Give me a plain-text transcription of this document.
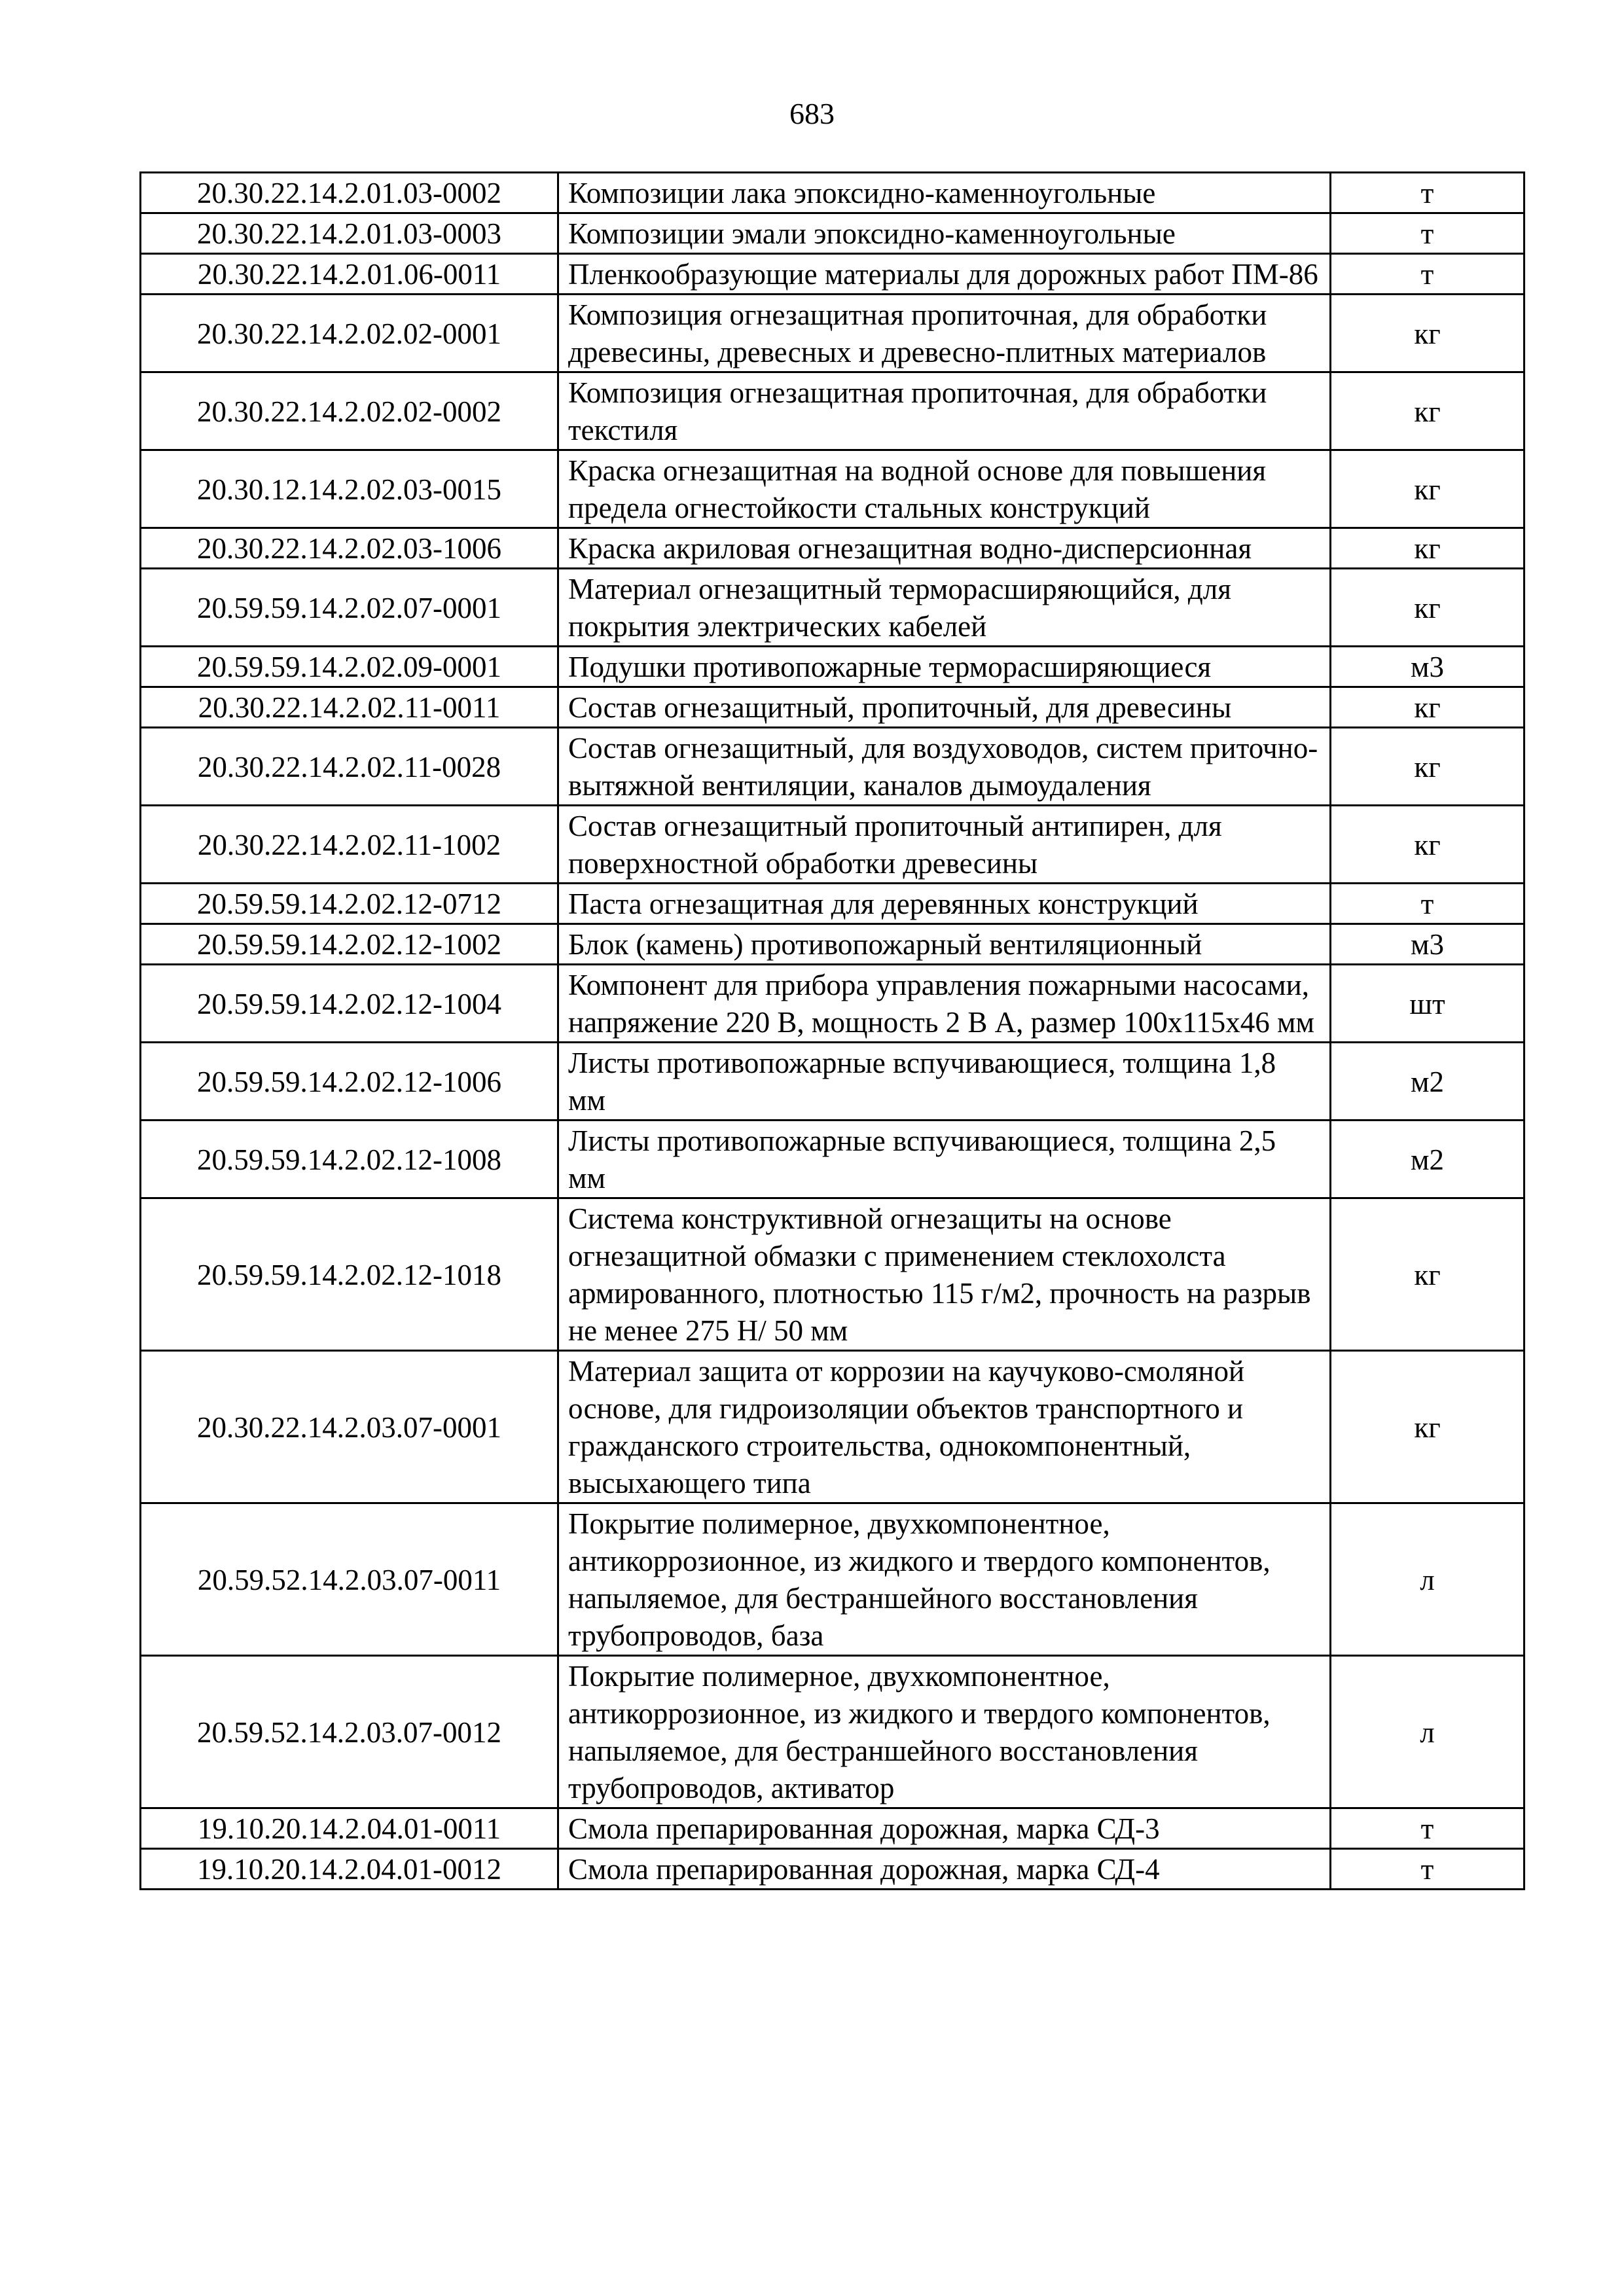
683
20.30.22.14.2.01.03-0002	Композиции лака эпоксидно-каменноугольные	т
20.30.22.14.2.01.03-0003	Композиции эмали эпоксидно-каменноугольные	т
20.30.22.14.2.01.06-0011	Пленкообразующие материалы для дорожных работ ПМ-86	т
20.30.22.14.2.02.02-0001	Композиция огнезащитная пропиточная, для обработки древесины, древесных и древесно-плитных материалов	кг
20.30.22.14.2.02.02-0002	Композиция огнезащитная пропиточная, для обработки текстиля	кг
20.30.12.14.2.02.03-0015	Краска огнезащитная на водной основе для повышения предела огнестойкости стальных конструкций	кг
20.30.22.14.2.02.03-1006	Краска акриловая огнезащитная водно-дисперсионная	кг
20.59.59.14.2.02.07-0001	Материал огнезащитный терморасширяющийся, для покрытия электрических кабелей	кг
20.59.59.14.2.02.09-0001	Подушки противопожарные терморасширяющиеся	м3
20.30.22.14.2.02.11-0011	Состав огнезащитный, пропиточный, для древесины	кг
20.30.22.14.2.02.11-0028	Состав огнезащитный, для воздуховодов, систем приточно-вытяжной вентиляции, каналов дымоудаления	кг
20.30.22.14.2.02.11-1002	Состав огнезащитный пропиточный антипирен, для поверхностной обработки древесины	кг
20.59.59.14.2.02.12-0712	Паста огнезащитная для деревянных конструкций	т
20.59.59.14.2.02.12-1002	Блок (камень) противопожарный вентиляционный	м3
20.59.59.14.2.02.12-1004	Компонент для прибора управления пожарными насосами, напряжение 220 В, мощность 2 В А, размер 100x115x46 мм	шт
20.59.59.14.2.02.12-1006	Листы противопожарные вспучивающиеся, толщина 1,8 мм	м2
20.59.59.14.2.02.12-1008	Листы противопожарные вспучивающиеся, толщина 2,5 мм	м2
20.59.59.14.2.02.12-1018	Система конструктивной огнезащиты на основе огнезащитной обмазки с применением стеклохолста армированного, плотностью 115 г/м2, прочность на разрыв не менее 275 Н/ 50 мм	кг
20.30.22.14.2.03.07-0001	Материал защита от коррозии на каучуково-смоляной основе, для гидроизоляции объектов транспортного и гражданского строительства, однокомпонентный, высыхающего типа	кг
20.59.52.14.2.03.07-0011	Покрытие полимерное, двухкомпонентное, антикоррозионное, из жидкого и твердого компонентов, напыляемое, для бестраншейного восстановления трубопроводов, база	л
20.59.52.14.2.03.07-0012	Покрытие полимерное, двухкомпонентное, антикоррозионное, из жидкого и твердого компонентов, напыляемое, для бестраншейного восстановления трубопроводов, активатор	л
19.10.20.14.2.04.01-0011	Смола препарированная дорожная, марка СД-3	т
19.10.20.14.2.04.01-0012	Смола препарированная дорожная, марка СД-4	т
